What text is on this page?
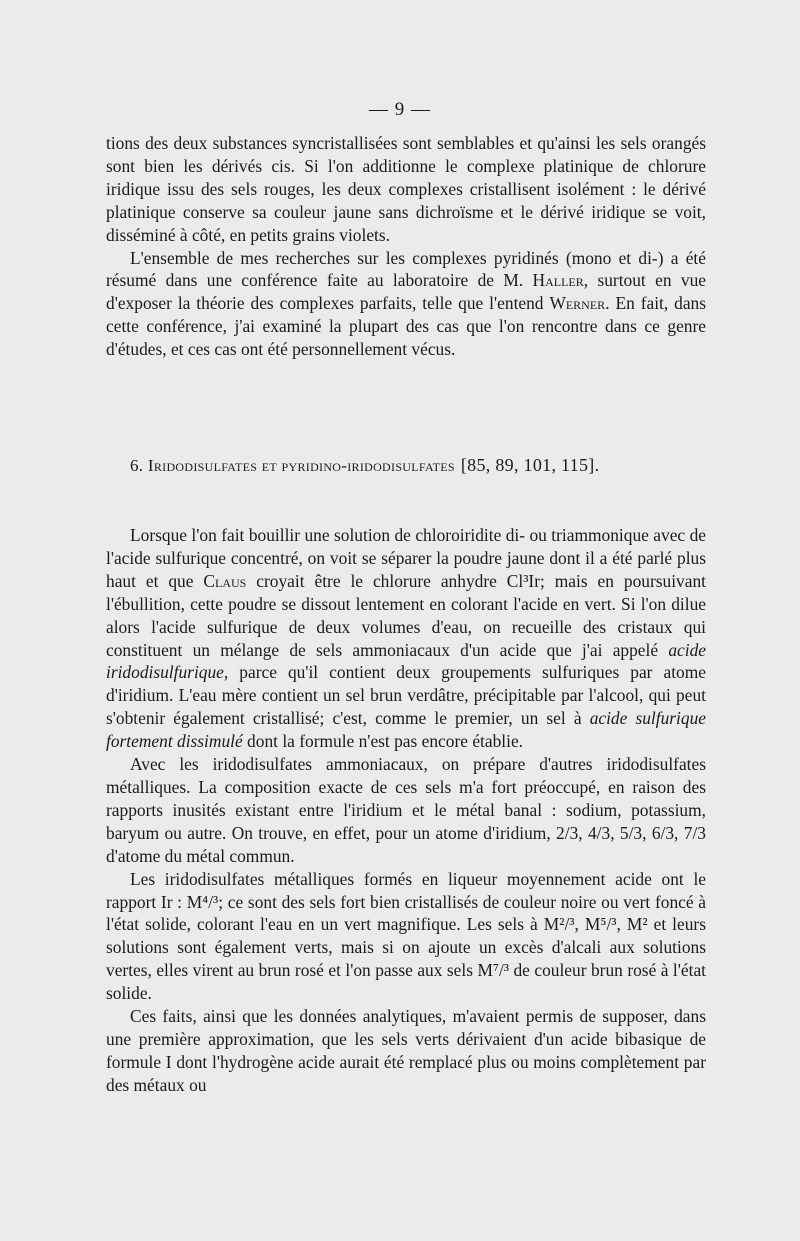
— 9 —

tions des deux substances syncristallisées sont semblables et qu'ainsi les sels orangés sont bien les dérivés cis. Si l'on additionne le complexe platinique de chlorure iridique issu des sels rouges, les deux complexes cristallisent isolément : le dérivé platinique conserve sa couleur jaune sans dichroïsme et le dérivé iridique se voit, disséminé à côté, en petits grains violets.

L'ensemble de mes recherches sur les complexes pyridinés (mono et di-) a été résumé dans une conférence faite au laboratoire de M. Haller, surtout en vue d'exposer la théorie des complexes parfaits, telle que l'entend Werner. En fait, dans cette conférence, j'ai examiné la plupart des cas que l'on rencontre dans ce genre d'études, et ces cas ont été personnellement vécus.

6. Iridodisulfates et pyridino-iridodisulfates [85, 89, 101, 115].

Lorsque l'on fait bouillir une solution de chloroiridite di- ou triammonique avec de l'acide sulfurique concentré, on voit se séparer la poudre jaune dont il a été parlé plus haut et que Claus croyait être le chlorure anhydre Cl³Ir; mais en poursuivant l'ébullition, cette poudre se dissout lentement en colorant l'acide en vert. Si l'on dilue alors l'acide sulfurique de deux volumes d'eau, on recueille des cristaux qui constituent un mélange de sels ammoniacaux d'un acide que j'ai appelé acide iridodisulfurique, parce qu'il contient deux groupements sulfuriques par atome d'iridium. L'eau mère contient un sel brun verdâtre, précipitable par l'alcool, qui peut s'obtenir également cristallisé; c'est, comme le premier, un sel à acide sulfurique fortement dissimulé dont la formule n'est pas encore établie.

Avec les iridodisulfates ammoniacaux, on prépare d'autres iridodisulfates métalliques. La composition exacte de ces sels m'a fort préoccupé, en raison des rapports inusités existant entre l'iridium et le métal banal : sodium, potassium, baryum ou autre. On trouve, en effet, pour un atome d'iridium, 2/3, 4/3, 5/3, 6/3, 7/3 d'atome du métal commun.

Les iridodisulfates métalliques formés en liqueur moyennement acide ont le rapport Ir : M⁴/³; ce sont des sels fort bien cristallisés de couleur noire ou vert foncé à l'état solide, colorant l'eau en un vert magnifique. Les sels à M²/³, M⁵/³, M² et leurs solutions sont également verts, mais si on ajoute un excès d'alcali aux solutions vertes, elles virent au brun rosé et l'on passe aux sels M⁷/³ de couleur brun rosé à l'état solide.

Ces faits, ainsi que les données analytiques, m'avaient permis de supposer, dans une première approximation, que les sels verts dérivaient d'un acide bibasique de formule I dont l'hydrogène acide aurait été remplacé plus ou moins complètement par des métaux ou
